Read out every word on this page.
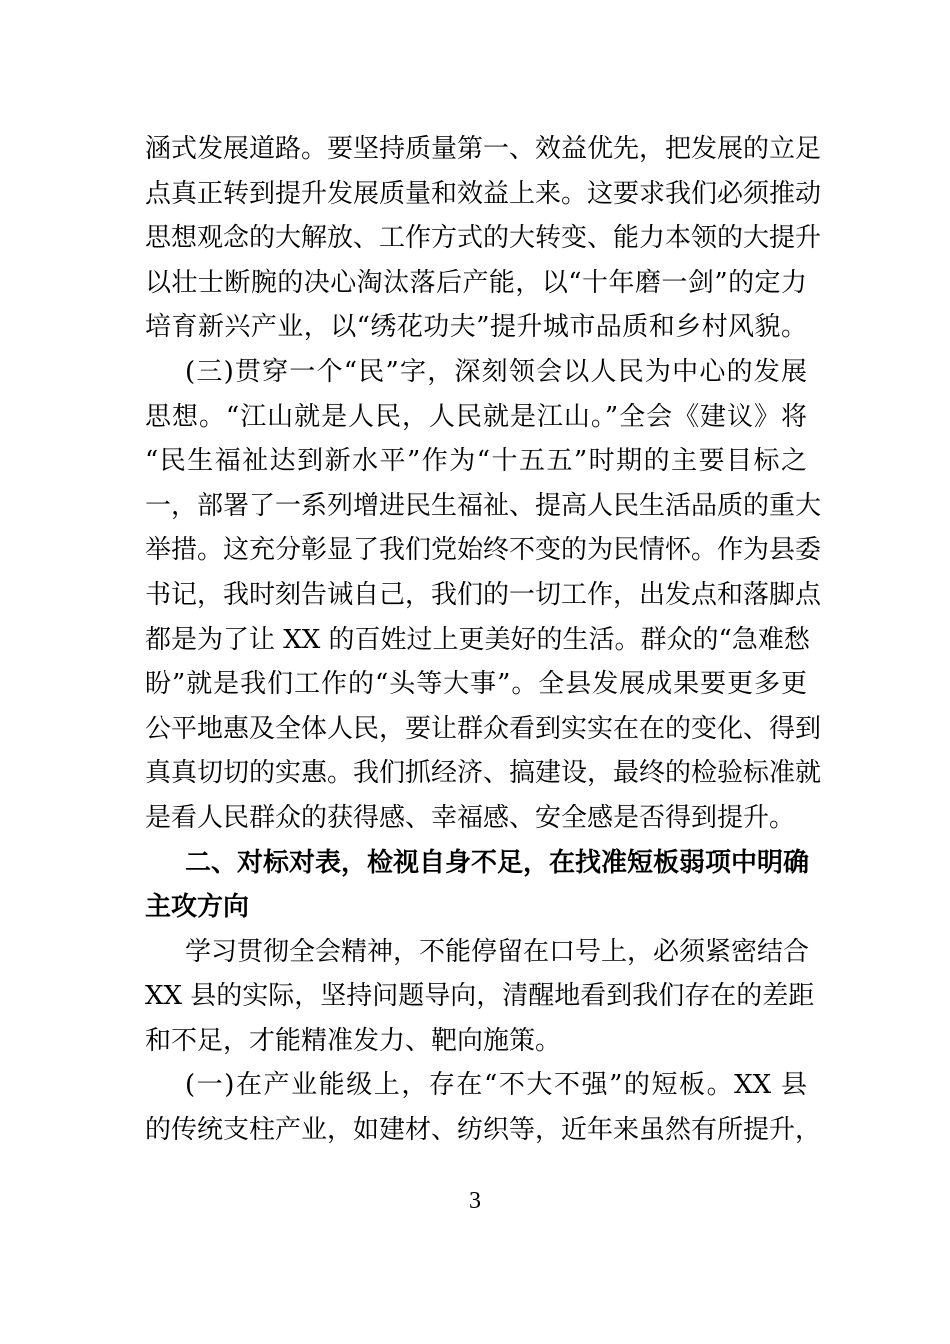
涵式发展道路。要坚持质量第一、效益优先，把发展的立足
点真正转到提升发展质量和效益上来。这要求我们必须推动
思想观念的大解放、工作方式的大转变、能力本领的大提升
以壮士断腕的决心淘汰落后产能，以“十年磨一剑”的定力
培育新兴产业，以“绣花功夫”提升城市品质和乡村风貌。
(三)贯穿一个“民”字，深刻领会以人民为中心的发展
思想。“江山就是人民，人民就是江山。”全会《建议》将
“民生福祉达到新水平”作为“十五五”时期的主要目标之
一，部署了一系列增进民生福祉、提高人民生活品质的重大
举措。这充分彰显了我们党始终不变的为民情怀。作为县委
书记，我时刻告诫自己，我们的一切工作，出发点和落脚点
都是为了让 XX 的百姓过上更美好的生活。群众的“急难愁
盼”就是我们工作的“头等大事”。全县发展成果要更多更
公平地惠及全体人民，要让群众看到实实在在的变化、得到
真真切切的实惠。我们抓经济、搞建设，最终的检验标准就
是看人民群众的获得感、幸福感、安全感是否得到提升。
二、对标对表，检视自身不足，在找准短板弱项中明确
主攻方向
学习贯彻全会精神，不能停留在口号上，必须紧密结合
XX 县的实际，坚持问题导向，清醒地看到我们存在的差距
和不足，才能精准发力、靶向施策。
(一)在产业能级上，存在“不大不强”的短板。XX 县
的传统支柱产业，如建材、纺织等，近年来虽然有所提升，
3
